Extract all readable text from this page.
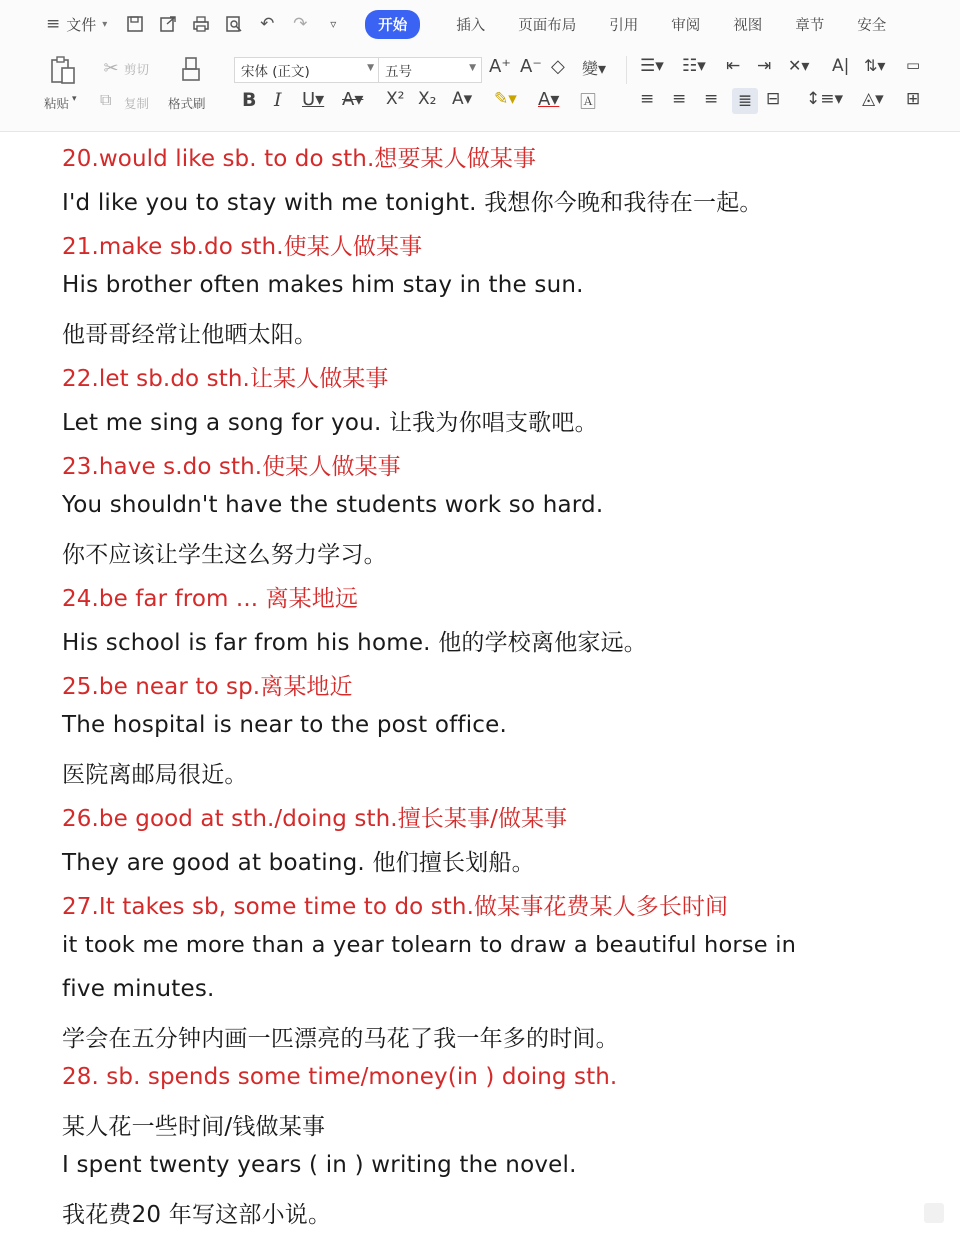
≡ 文件 ▾	↶ ↷	▿	开始	插入 页面布局 引用 审阅 视图 章节 安全
✂ 剪切	宋体 (正文)	▼ 五号	▼ A⁺ A⁻ ◇ 變▾ ☰▾ ☷▾ ⇤ ⇥ ✕▾ A| ⇅▾ ▭
粘贴 ▾ ⧉ 复制 格式刷 B I U▾ A▾ X² X₂ A▾ ✎▾ A▾ 🄰	≡ ≡ ≡	≣ ⊟ ↕≡▾ ◬▾ ⊞
20.would like sb. to do sth.想要某人做某事
I'd like you to stay with me tonight. 我想你今晚和我待在一起。
21.make sb.do sth.使某人做某事
His brother often makes him stay in the sun.
他哥哥经常让他晒太阳。
22.let sb.do sth.让某人做某事
Let me sing a song for you. 让我为你唱支歌吧。
23.have s.do sth.使某人做某事
You shouldn't have the students work so hard.
你不应该让学生这么努力学习。
24.be far from ... 离某地远
His school is far from his home. 他的学校离他家远。
25.be near to sp.离某地近
The hospital is near to the post office.
医院离邮局很近。
26.be good at sth./doing sth.擅长某事/做某事
They are good at boating. 他们擅长划船。
27.It takes sb, some time to do sth.做某事花费某人多长时间
it took me more than a year tolearn to draw a beautiful horse in
five minutes.
学会在五分钟内画一匹漂亮的马花了我一年多的时间。
28. sb. spends some time/money(in ) doing sth.
某人花一些时间/钱做某事
I spent twenty years ( in ) writing the novel.
我花费20 年写这部小说。
